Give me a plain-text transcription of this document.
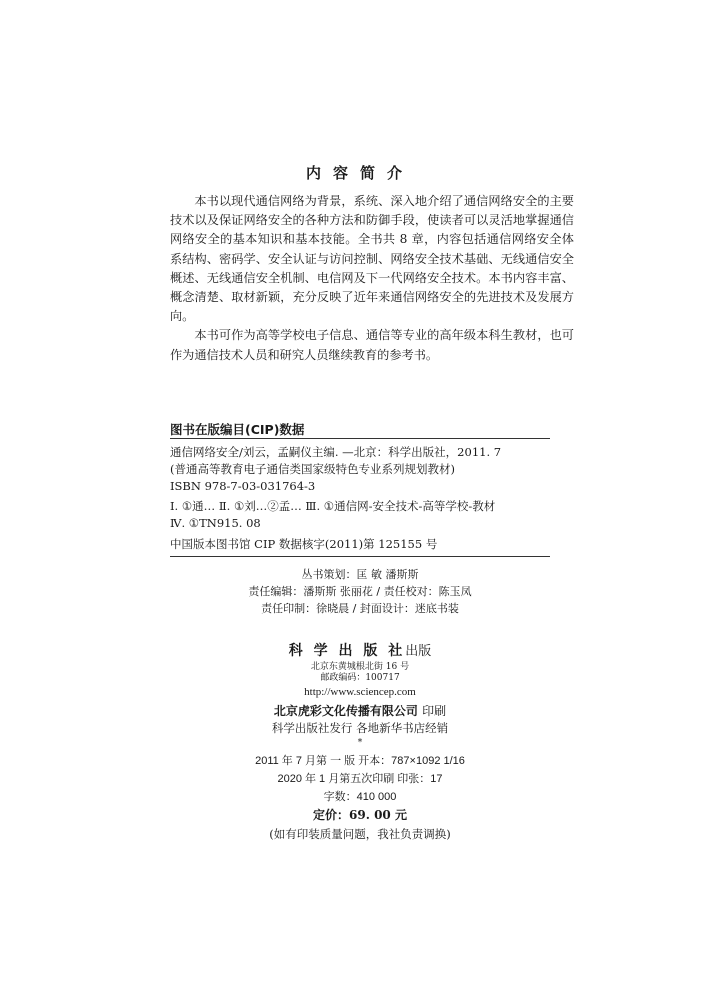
内容简介

本书以现代通信网络为背景，系统、深入地介绍了通信网络安全的主要技术以及保证网络安全的各种方法和防御手段，使读者可以灵活地掌握通信网络安全的基本知识和基本技能。全书共 8 章，内容包括通信网络安全体系结构、密码学、安全认证与访问控制、网络安全技术基础、无线通信安全概述、无线通信安全机制、电信网及下一代网络安全技术。本书内容丰富、概念清楚、取材新颖，充分反映了近年来通信网络安全的先进技术及发展方向。

本书可作为高等学校电子信息、通信等专业的高年级本科生教材，也可作为通信技术人员和研究人员继续教育的参考书。

图书在版编目(CIP)数据
通信网络安全/刘云，孟嗣仪主编. —北京：科学出版社，2011. 7
(普通高等教育电子通信类国家级特色专业系列规划教材)
ISBN 978-7-03-031764-3
Ⅰ. ①通… Ⅱ. ①刘…②孟… Ⅲ. ①通信网-安全技术-高等学校-教材
Ⅳ. ①TN915. 08
中国版本图书馆 CIP 数据核字(2011)第 125155 号
丛书策划：匡 敏 潘斯斯
责任编辑：潘斯斯 张丽花 / 责任校对：陈玉凤
责任印制：徐晓晨 / 封面设计：迷底书装
科 学 出 版 社出版
北京东黄城根北街 16 号
邮政编码：100717
http://www.sciencep.com
北京虎彩文化传播有限公司 印刷
科学出版社发行 各地新华书店经销
*
2011 年 7 月第 一 版 开本：787×1092 1/16
2020 年 1 月第五次印刷 印张：17
字数：410 000
定价：69. 00 元
(如有印装质量问题，我社负责调换)
